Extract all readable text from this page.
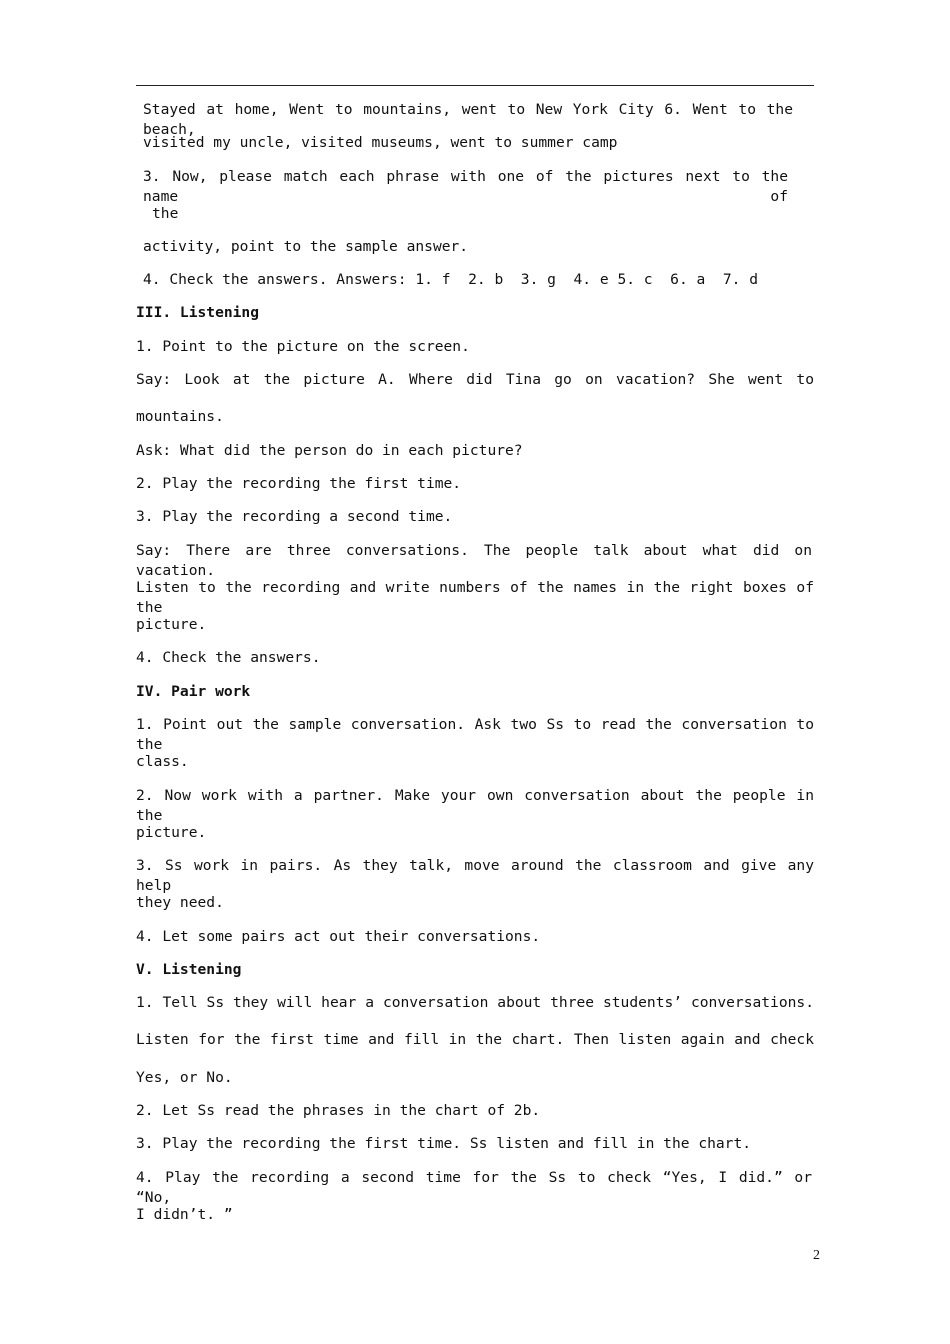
Stayed at home, Went to mountains, went to New York City 6. Went to the beach,
visited my uncle, visited museums, went to summer camp
3. Now, please match each phrase with one of the pictures next to the name of
the
activity, point to the sample answer.
4. Check the answers. Answers: 1. f  2. b  3. g  4. e 5. c  6. a  7. d
III. Listening
1. Point to the picture on the screen.
Say: Look at the picture A. Where did Tina go on vacation? She went to
mountains.
Ask: What did the person do in each picture?
2. Play the recording the first time.
3. Play the recording a second time.
Say: There are three conversations. The people talk about what did on vacation.
Listen to the recording and write numbers of the names in the right boxes of the
picture.
4. Check the answers.
IV. Pair work
1. Point out the sample conversation. Ask two Ss to read the conversation to the
class.
2. Now work with a partner. Make your own conversation about the people in the
picture.
3. Ss work in pairs. As they talk, move around the classroom and give any help
they need.
4. Let some pairs act out their conversations.
V. Listening
1. Tell Ss they will hear a conversation about three students’ conversations.
Listen for the first time and fill in the chart. Then listen again and check
Yes, or No.
2. Let Ss read the phrases in the chart of 2b.
3. Play the recording the first time. Ss listen and fill in the chart.
4. Play the recording a second time for the Ss to check “Yes, I did.” or “No,
I didn’t. ”
2
